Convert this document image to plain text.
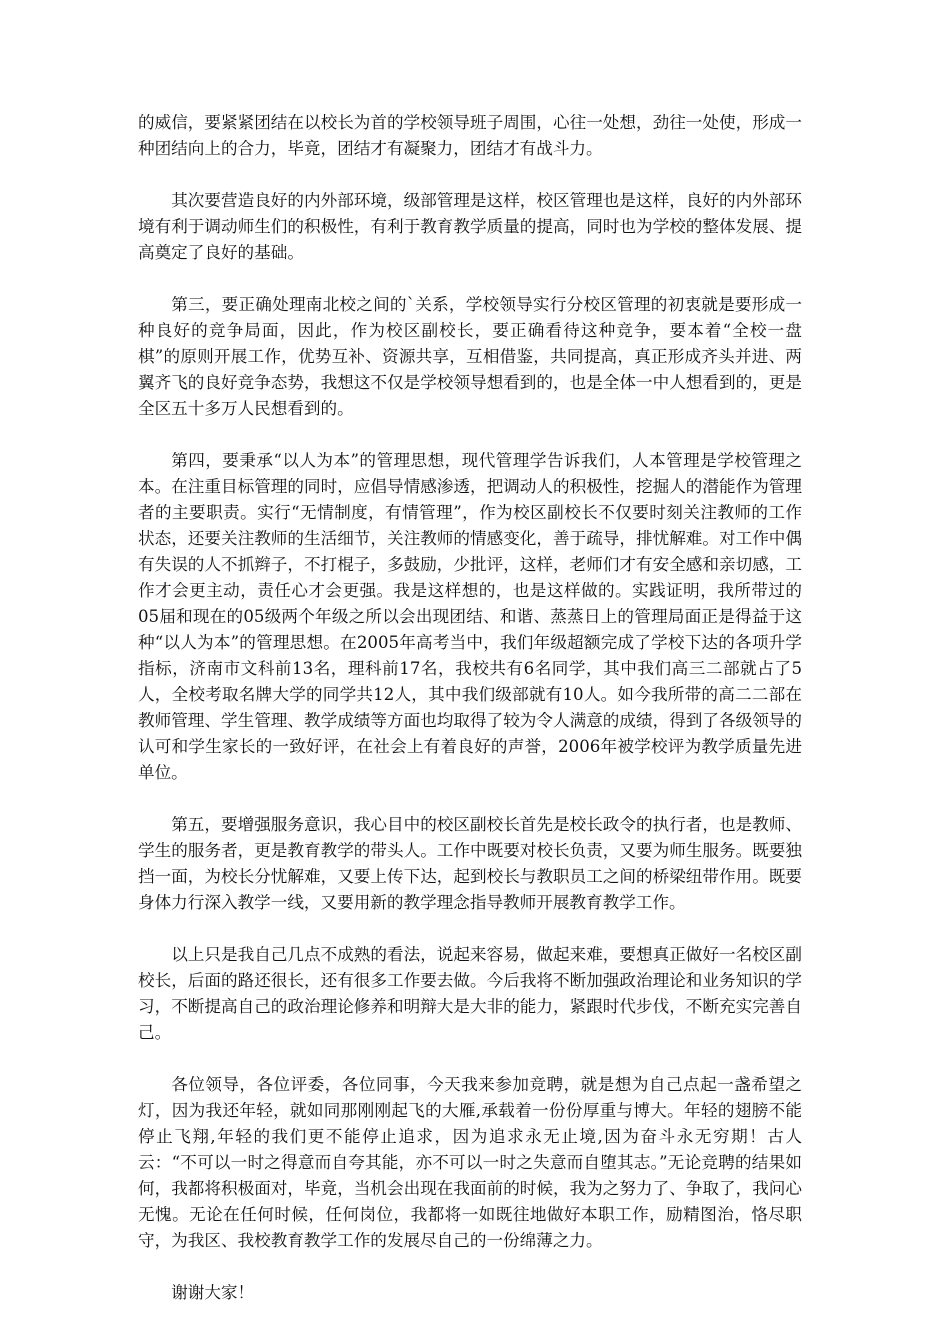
的威信，要紧紧团结在以校长为首的学校领导班子周围，心往一处想，劲往一处使，形成一种团结向上的合力，毕竟，团结才有凝聚力，团结才有战斗力。

其次要营造良好的内外部环境，级部管理是这样，校区管理也是这样，良好的内外部环境有利于调动师生们的积极性，有利于教育教学质量的提高，同时也为学校的整体发展、提高奠定了良好的基础。

第三，要正确处理南北校之间的`关系，学校领导实行分校区管理的初衷就是要形成一种良好的竞争局面，因此，作为校区副校长，要正确看待这种竞争，要本着“全校一盘棋”的原则开展工作，优势互补、资源共享，互相借鉴，共同提高，真正形成齐头并进、两翼齐飞的良好竞争态势，我想这不仅是学校领导想看到的，也是全体一中人想看到的，更是全区五十多万人民想看到的。

第四，要秉承“以人为本”的管理思想，现代管理学告诉我们，人本管理是学校管理之本。在注重目标管理的同时，应倡导情感渗透，把调动人的积极性，挖掘人的潜能作为管理者的主要职责。实行“无情制度，有情管理”，作为校区副校长不仅要时刻关注教师的工作状态，还要关注教师的生活细节，关注教师的情感变化，善于疏导，排忧解难。对工作中偶有失误的人不抓辫子，不打棍子，多鼓励，少批评，这样，老师们才有安全感和亲切感，工作才会更主动，责任心才会更强。我是这样想的，也是这样做的。实践证明，我所带过的05届和现在的05级两个年级之所以会出现团结、和谐、蒸蒸日上的管理局面正是得益于这种“以人为本”的管理思想。在2005年高考当中，我们年级超额完成了学校下达的各项升学指标，济南市文科前13名，理科前17名，我校共有6名同学，其中我们高三二部就占了5人，全校考取名牌大学的同学共12人，其中我们级部就有10人。如今我所带的高二二部在教师管理、学生管理、教学成绩等方面也均取得了较为令人满意的成绩，得到了各级领导的认可和学生家长的一致好评，在社会上有着良好的声誉，2006年被学校评为教学质量先进单位。

第五，要增强服务意识，我心目中的校区副校长首先是校长政令的执行者，也是教师、学生的服务者，更是教育教学的带头人。工作中既要对校长负责，又要为师生服务。既要独挡一面，为校长分忧解难，又要上传下达，起到校长与教职员工之间的桥梁纽带作用。既要身体力行深入教学一线，又要用新的教学理念指导教师开展教育教学工作。

以上只是我自己几点不成熟的看法，说起来容易，做起来难，要想真正做好一名校区副校长，后面的路还很长，还有很多工作要去做。今后我将不断加强政治理论和业务知识的学习，不断提高自己的政治理论修养和明辩大是大非的能力，紧跟时代步伐，不断充实完善自己。

各位领导，各位评委，各位同事，今天我来参加竞聘，就是想为自己点起一盏希望之灯，因为我还年轻，就如同那刚刚起飞的大雁,承载着一份份厚重与博大。年轻的翅膀不能停止飞翔,年轻的我们更不能停止追求，因为追求永无止境,因为奋斗永无穷期！古人云：“不可以一时之得意而自夸其能，亦不可以一时之失意而自堕其志。”无论竞聘的结果如何，我都将积极面对，毕竟，当机会出现在我面前的时候，我为之努力了、争取了，我问心无愧。无论在任何时候，任何岗位，我都将一如既往地做好本职工作，励精图治，恪尽职守，为我区、我校教育教学工作的发展尽自己的一份绵薄之力。

谢谢大家！
